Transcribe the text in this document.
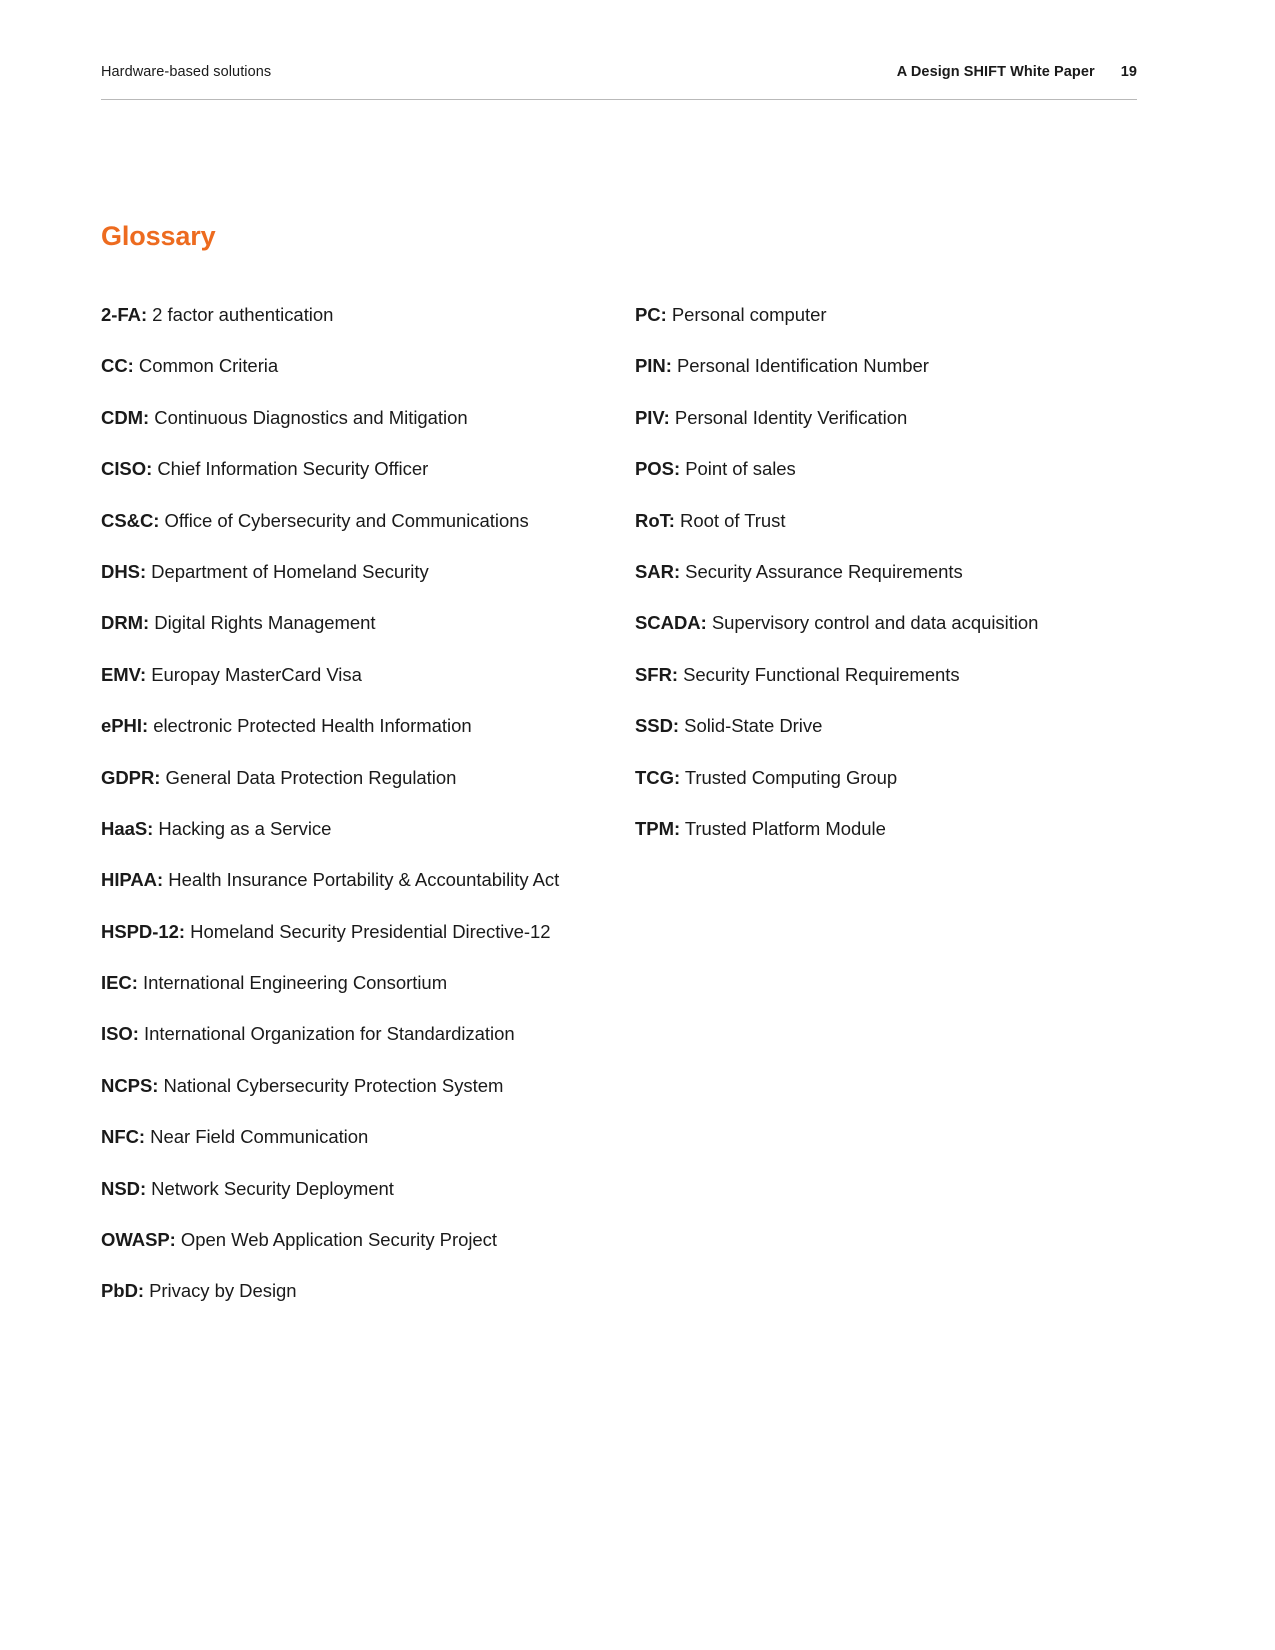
Hardware-based solutions	A Design SHIFT White Paper 19
Glossary
2-FA: 2 factor authentication
CC: Common Criteria
CDM: Continuous Diagnostics and Mitigation
CISO: Chief Information Security Officer
CS&C: Office of Cybersecurity and Communications
DHS: Department of Homeland Security
DRM: Digital Rights Management
EMV: Europay MasterCard Visa
ePHI: electronic Protected Health Information
GDPR: General Data Protection Regulation
HaaS: Hacking as a Service
HIPAA: Health Insurance Portability & Accountability Act
HSPD-12: Homeland Security Presidential Directive-12
IEC: International Engineering Consortium
ISO: International Organization for Standardization
NCPS: National Cybersecurity Protection System
NFC: Near Field Communication
NSD: Network Security Deployment
OWASP: Open Web Application Security Project
PbD: Privacy by Design
PC: Personal computer
PIN: Personal Identification Number
PIV: Personal Identity Verification
POS: Point of sales
RoT: Root of Trust
SAR: Security Assurance Requirements
SCADA: Supervisory control and data acquisition
SFR: Security Functional Requirements
SSD: Solid-State Drive
TCG: Trusted Computing Group
TPM: Trusted Platform Module
